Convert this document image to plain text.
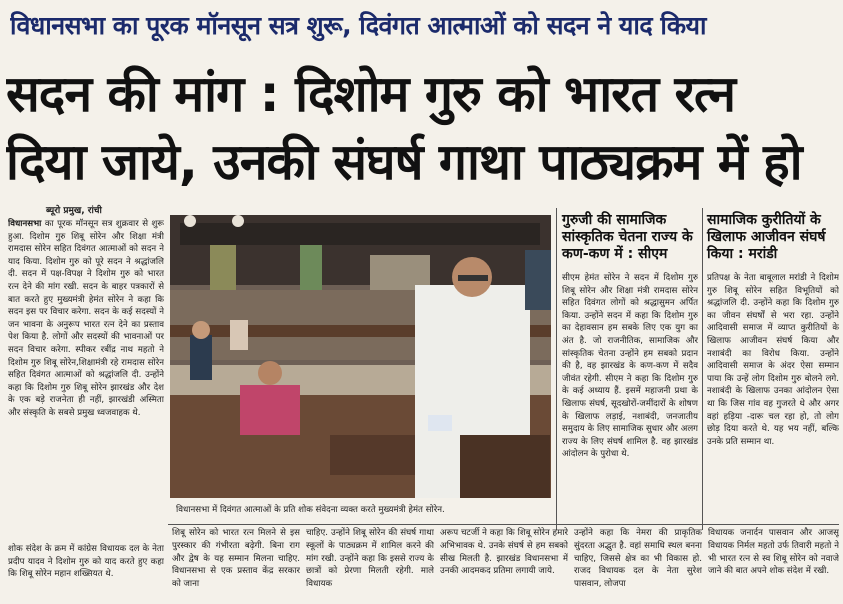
विधानसभा का पूरक मॉनसून सत्र शुरू, दिवंगत आत्माओं को सदन ने याद किया
सदन की मांग : दिशोम गुरु को भारत रत्न
दिया जाये, उनकी संघर्ष गाथा पाठ्यक्रम में हो
ब्यूरो प्रमुख, रांची
विधानसभा का पूरक मॉनसून सत्र शुक्रवार से शुरू हुआ. दिशोम गुरु शिबू सोरेन और शिक्षा मंत्री रामदास सोरेन सहित दिवंगत आत्माओं को सदन ने याद किया. दिशोम गुरु को पूरे सदन ने श्रद्धांजलि दी. सदन में पक्ष-विपक्ष ने दिशोम गुरु को भारत रत्न देने की मांग रखी. सदन के बाहर पत्रकारों से बात करते हुए मुख्यमंत्री हेमंत सोरेन ने कहा कि सदन इस पर विचार करेगा. सदन के कई सदस्यों ने जन भावना के अनुरूप भारत रत्न देने का प्रस्ताव पेश किया है. लोगों और सदस्यों की भावनाओं पर सदन विचार करेगा. स्पीकर रबींद्र नाथ महतो ने दिशोम गुरु शिबू सोरेन,शिक्षामंत्री रहे रामदास सोरेन सहित दिवंगत आत्माओं को श्रद्धांजलि दी. उन्होंने कहा कि दिशोम गुरु शिबू सोरेन झारखंड और देश के एक बड़े राजनेता ही नहीं, झारखंडी अस्मिता और संस्कृति के सबसे प्रमुख ध्वजवाहक थे.
शोक संदेश के क्रम में कांग्रेस विधायक दल के नेता प्रदीप यादव ने दिशोम गुरु को याद करते हुए कहा कि शिबू सोरेन महान शख्सियत थे.
विधानसभा में दिवंगत आत्माओं के प्रति शोक संवेदना व्यक्त करते मुख्यमंत्री हेमंत सोरेन.
गुरुजी की सामाजिक सांस्कृतिक चेतना राज्य के कण-कण में : सीएम
सीएम हेमंत सोरेन ने सदन में दिशोम गुरु शिबू सोरेन और शिक्षा मंत्री रामदास सोरेन सहित दिवंगत लोगों को श्रद्धासुमन अर्पित किया. उन्होंने सदन में कहा कि दिशोम गुरु का देहावसान हम सबके लिए एक युग का अंत है. जो राजनीतिक, सामाजिक और सांस्कृतिक चेतना उन्होंने हम सबको प्रदान की है, वह झारखंड के कण-कण में सदैव जीवंत रहेगी. सीएम ने कहा कि दिशोम गुरु के कई अध्याय हैं. इसमें महाजनी प्रथा के खिलाफ संघर्ष, सूदखोरों-जमींदारों के शोषण के खिलाफ लड़ाई, नशाबंदी, जनजातीय समुदाय के लिए सामाजिक सुधार और अलग राज्य के लिए संघर्ष शामिल है. वह झारखंड आंदोलन के पुरोधा थे.
सामाजिक कुरीतियों के खिलाफ आजीवन संघर्ष किया : मरांडी
प्रतिपक्ष के नेता बाबूलाल मरांडी ने दिशोम गुरु शिबू सोरेन सहित विभूतियों को श्रद्धांजलि दी. उन्होंने कहा कि दिशोम गुरु का जीवन संघर्षों से भरा रहा. उन्होंने आदिवासी समाज में व्याप्त कुरीतियों के खिलाफ आजीवन संघर्ष किया और नशाबंदी का विरोध किया. उन्होंने आदिवासी समाज के अंदर ऐसा सम्मान पाया कि उन्हें लोग दिशोम गुरु बोलने लगे. नशाबंदी के खिलाफ उनका आंदोलन ऐसा था कि जिस गांव वह गुजरते थे और अगर वहां हड़िया -दारू चल रहा हो, तो लोग छोड़ दिया करते थे. यह भय नहीं, बल्कि उनके प्रति सम्मान था.
शिबू सोरेन को भारत रत्न मिलने से इस पुरस्कार की गंभीरता बढ़ेगी. बिना राग और द्वेष के यह सम्मान मिलना चाहिए. विधानसभा से एक प्रस्ताव केंद्र सरकार को जाना
चाहिए. उन्होंने शिबू सोरेन की संघर्ष गाथा स्कूलों के पाठ्यक्रम में शामिल करने की मांग रखी. उन्होंने कहा कि इससे राज्य के छात्रों को प्रेरणा मिलती रहेगी. माले विधायक
अरूप चटर्जी ने कहा कि शिबू सोरेन हमारे अभिभावक थे. उनके संघर्ष से हम सबको सीख मिलती है. झारखंड विधानसभा में उनकी आदमकद प्रतिमा लगायी जाये.
उन्होंने कहा कि नेमरा की प्राकृतिक सुंदरता अद्भुत है. वहां समाधि स्थल बनना चाहिए, जिससे क्षेत्र का भी विकास हो. राजद विधायक दल के नेता सुरेश पासवान, लोजपा
विधायक जनार्दन पासवान और आजसू विधायक निर्मल महतो उर्फ तिवारी महतो ने भी भारत रत्न से स्व शिबू सोरेन को नवाजे जाने की बात अपने शोक संदेश में रखी.
